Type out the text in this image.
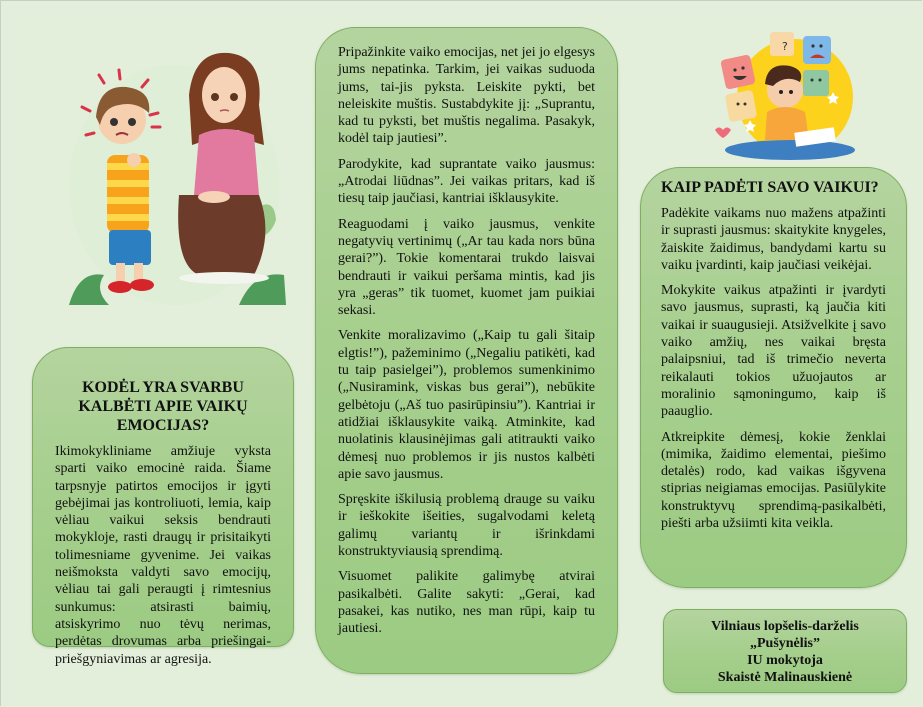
?
KODĖL YRA SVARBU KALBĖTI APIE VAIKŲ EMOCIJAS?

Ikimokykliniame amžiuje vyksta sparti vaiko emocinė raida. Šiame tarpsnyje patirtos emocijos ir įgyti gebėjimai jas kontroliuoti, lemia, kaip vėliau vaikui seksis bendrauti mokykloje, rasti draugų ir prisitaikyti tolimesniame gyvenime. Jei vaikas neišmoksta valdyti savo emocijų, vėliau tai gali peraugti į rimtesnius sunkumus: atsirasti baimių, atsiskyrimo nuo tėvų nerimas, perdėtas drovumas arba priešingai-priešgyniavimas ar agresija.

Pripažinkite vaiko emocijas, net jei jo elgesys jums nepatinka. Tarkim, jei vaikas suduoda jums, tai-jis pyksta. Leiskite pykti, bet neleiskite muštis. Sustabdykite jį: „Suprantu, kad tu pyksti, bet muštis negalima. Pasakyk, kodėl taip jautiesi”.

Parodykite, kad suprantate vaiko jausmus: „Atrodai liūdnas”. Jei vaikas pritars, kad iš tiesų taip jaučiasi, kantriai išklausykite.

Reaguodami į vaiko jausmus, venkite negatyvių vertinimų („Ar tau kada nors būna gerai?”). Tokie komentarai trukdo laisvai bendrauti ir vaikui peršama mintis, kad jis yra „geras” tik tuomet, kuomet jam puikiai sekasi.

Venkite moralizavimo („Kaip tu gali šitaip elgtis!”), pažeminimo („Negaliu patikėti, kad tu taip pasielgei”), problemos sumenkinimo („Nusiramink, viskas bus gerai”), nebūkite gelbėtoju („Aš tuo pasirūpinsiu”). Kantriai ir atidžiai išklausykite vaiką. Atminkite, kad nuolatinis klausinėjimas gali atitraukti vaiko dėmesį nuo problemos ir jis nustos kalbėti apie savo jausmus.

Spręskite iškilusią problemą drauge su vaiku ir ieškokite išeities, sugalvodami keletą galimų variantų ir išrinkdami konstruktyviausią sprendimą.

Visuomet palikite galimybę atvirai pasikalbėti. Galite sakyti: „Gerai, kad pasakei, kas nutiko, nes man rūpi, kaip tu jautiesi.

KAIP PADĖTI SAVO VAIKUI?

Padėkite vaikams nuo mažens atpažinti ir suprasti jausmus: skaitykite knygeles, žaiskite žaidimus, bandydami kartu su vaiku įvardinti, kaip jaučiasi veikėjai.

Mokykite vaikus atpažinti ir įvardyti savo jausmus, suprasti, ką jaučia kiti vaikai ir suaugusieji. Atsižvelkite į savo vaiko amžių, nes vaikai bręsta palaipsniui, tad iš trimečio neverta reikalauti tokios užuojautos ar moralinio sąmoningumo, kaip iš paauglio.

Atkreipkite dėmesį, kokie ženklai (mimika, žaidimo elementai, piešimo detalės) rodo, kad vaikas išgyvena stiprias neigiamas emocijas. Pasiūlykite konstruktyvų sprendimą-pasikalbėti, piešti arba užsiimti kita veikla.

Vilniaus lopšelis-darželis
„Pušynėlis”
IU mokytoja
Skaistė Malinauskienė
